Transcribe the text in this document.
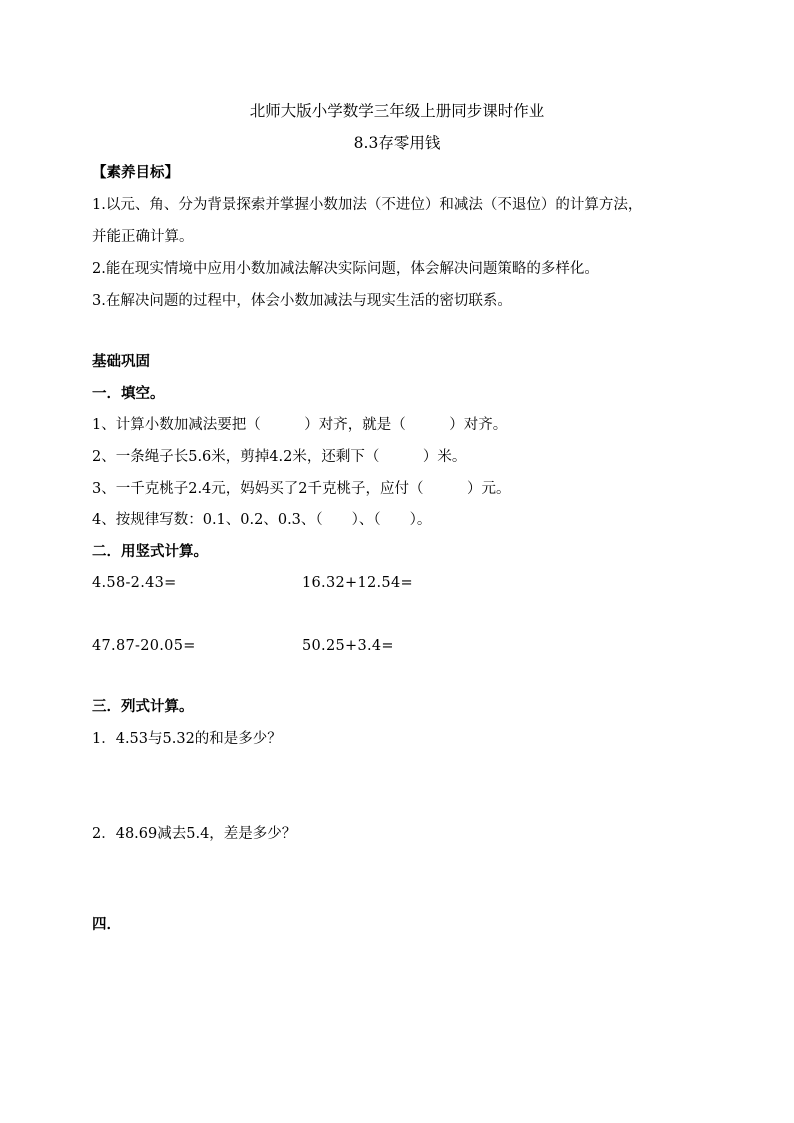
北师大版小学数学三年级上册同步课时作业
8.3存零用钱
【素养目标】
1.以元、角、分为背景探索并掌握小数加法（不进位）和减法（不退位）的计算方法，
并能正确计算。
2.能在现实情境中应用小数加减法解决实际问题，体会解决问题策略的多样化。
3.在解决问题的过程中，体会小数加减法与现实生活的密切联系。
基础巩固
一．填空。
1、计算小数加减法要把（　　　）对齐，就是（　　　）对齐。
2、一条绳子长5.6米，剪掉4.2米，还剩下（　　　）米。
3、一千克桃子2.4元，妈妈买了2千克桃子，应付（　　　）元。
4、按规律写数：0.1、0.2、0.3、（　　）、（　　）。
二．用竖式计算。
4.58-2.43=	16.32+12.54=
47.87-20.05=	50.25+3.4=
三．列式计算。
1．4.53与5.32的和是多少？
2．48.69减去5.4，差是多少？
四．
